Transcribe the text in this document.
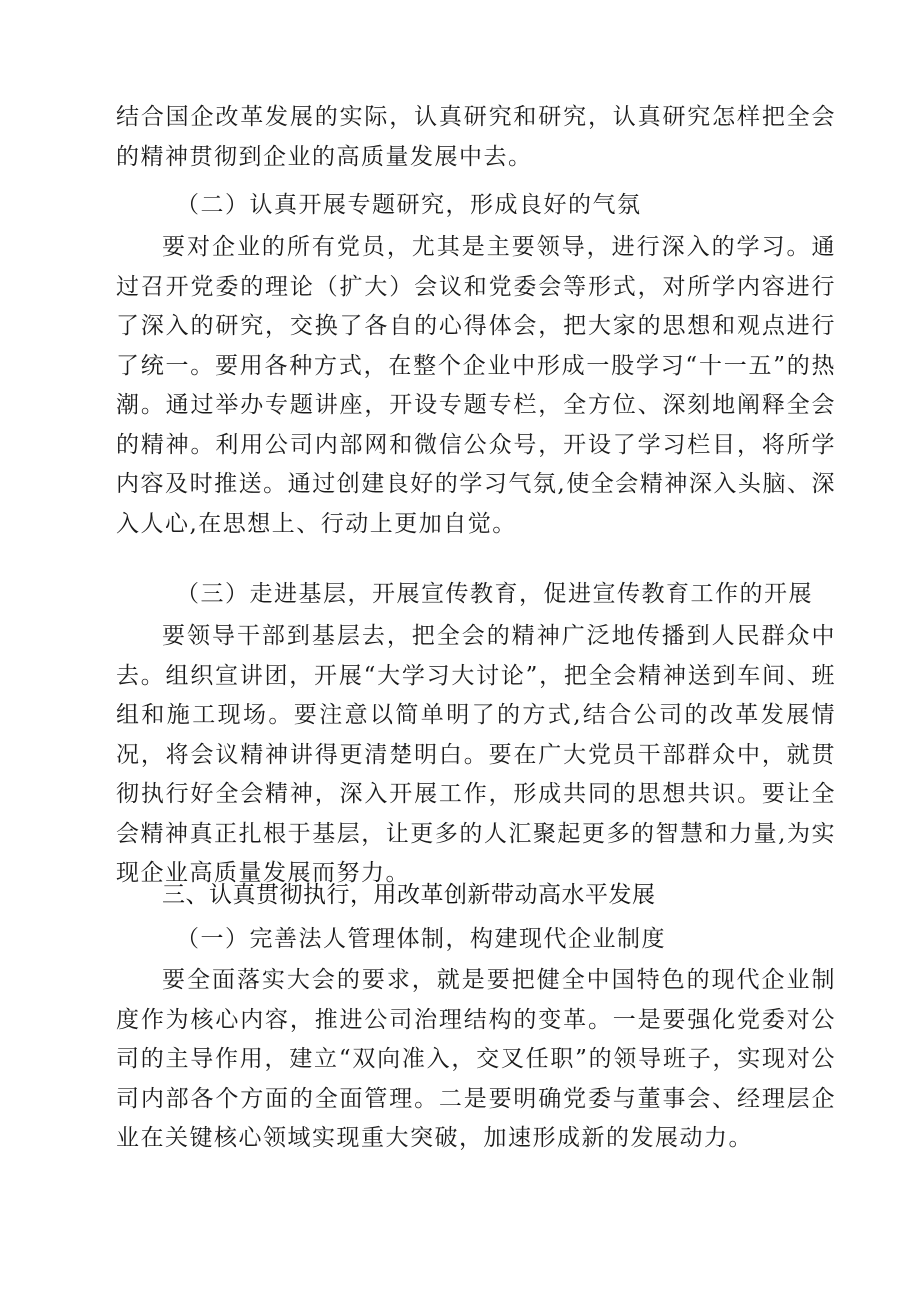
结合国企改革发展的实际，认真研究和研究，认真研究怎样把全会的精神贯彻到企业的高质量发展中去。

（二）认真开展专题研究，形成良好的气氛

要对企业的所有党员，尤其是主要领导，进行深入的学习。通过召开党委的理论（扩大）会议和党委会等形式，对所学内容进行了深入的研究，交换了各自的心得体会，把大家的思想和观点进行了统一。要用各种方式，在整个企业中形成一股学习“十一五”的热潮。通过举办专题讲座，开设专题专栏，全方位、深刻地阐释全会的精神。利用公司内部网和微信公众号，开设了学习栏目，将所学内容及时推送。通过创建良好的学习气氛,使全会精神深入头脑、深入人心,在思想上、行动上更加自觉。

（三）走进基层，开展宣传教育，促进宣传教育工作的开展

要领导干部到基层去，把全会的精神广泛地传播到人民群众中去。组织宣讲团，开展“大学习大讨论”，把全会精神送到车间、班组和施工现场。要注意以简单明了的方式,结合公司的改革发展情况，将会议精神讲得更清楚明白。要在广大党员干部群众中，就贯彻执行好全会精神，深入开展工作，形成共同的思想共识。要让全会精神真正扎根于基层，让更多的人汇聚起更多的智慧和力量,为实现企业高质量发展而努力。

三、认真贯彻执行，用改革创新带动高水平发展
（一）完善法人管理体制，构建现代企业制度

要全面落实大会的要求，就是要把健全中国特色的现代企业制度作为核心内容，推进公司治理结构的变革。一是要强化党委对公司的主导作用，建立“双向准入，交叉任职”的领导班子，实现对公司内部各个方面的全面管理。二是要明确党委与董事会、经理层企业在关键核心领域实现重大突破，加速形成新的发展动力。
